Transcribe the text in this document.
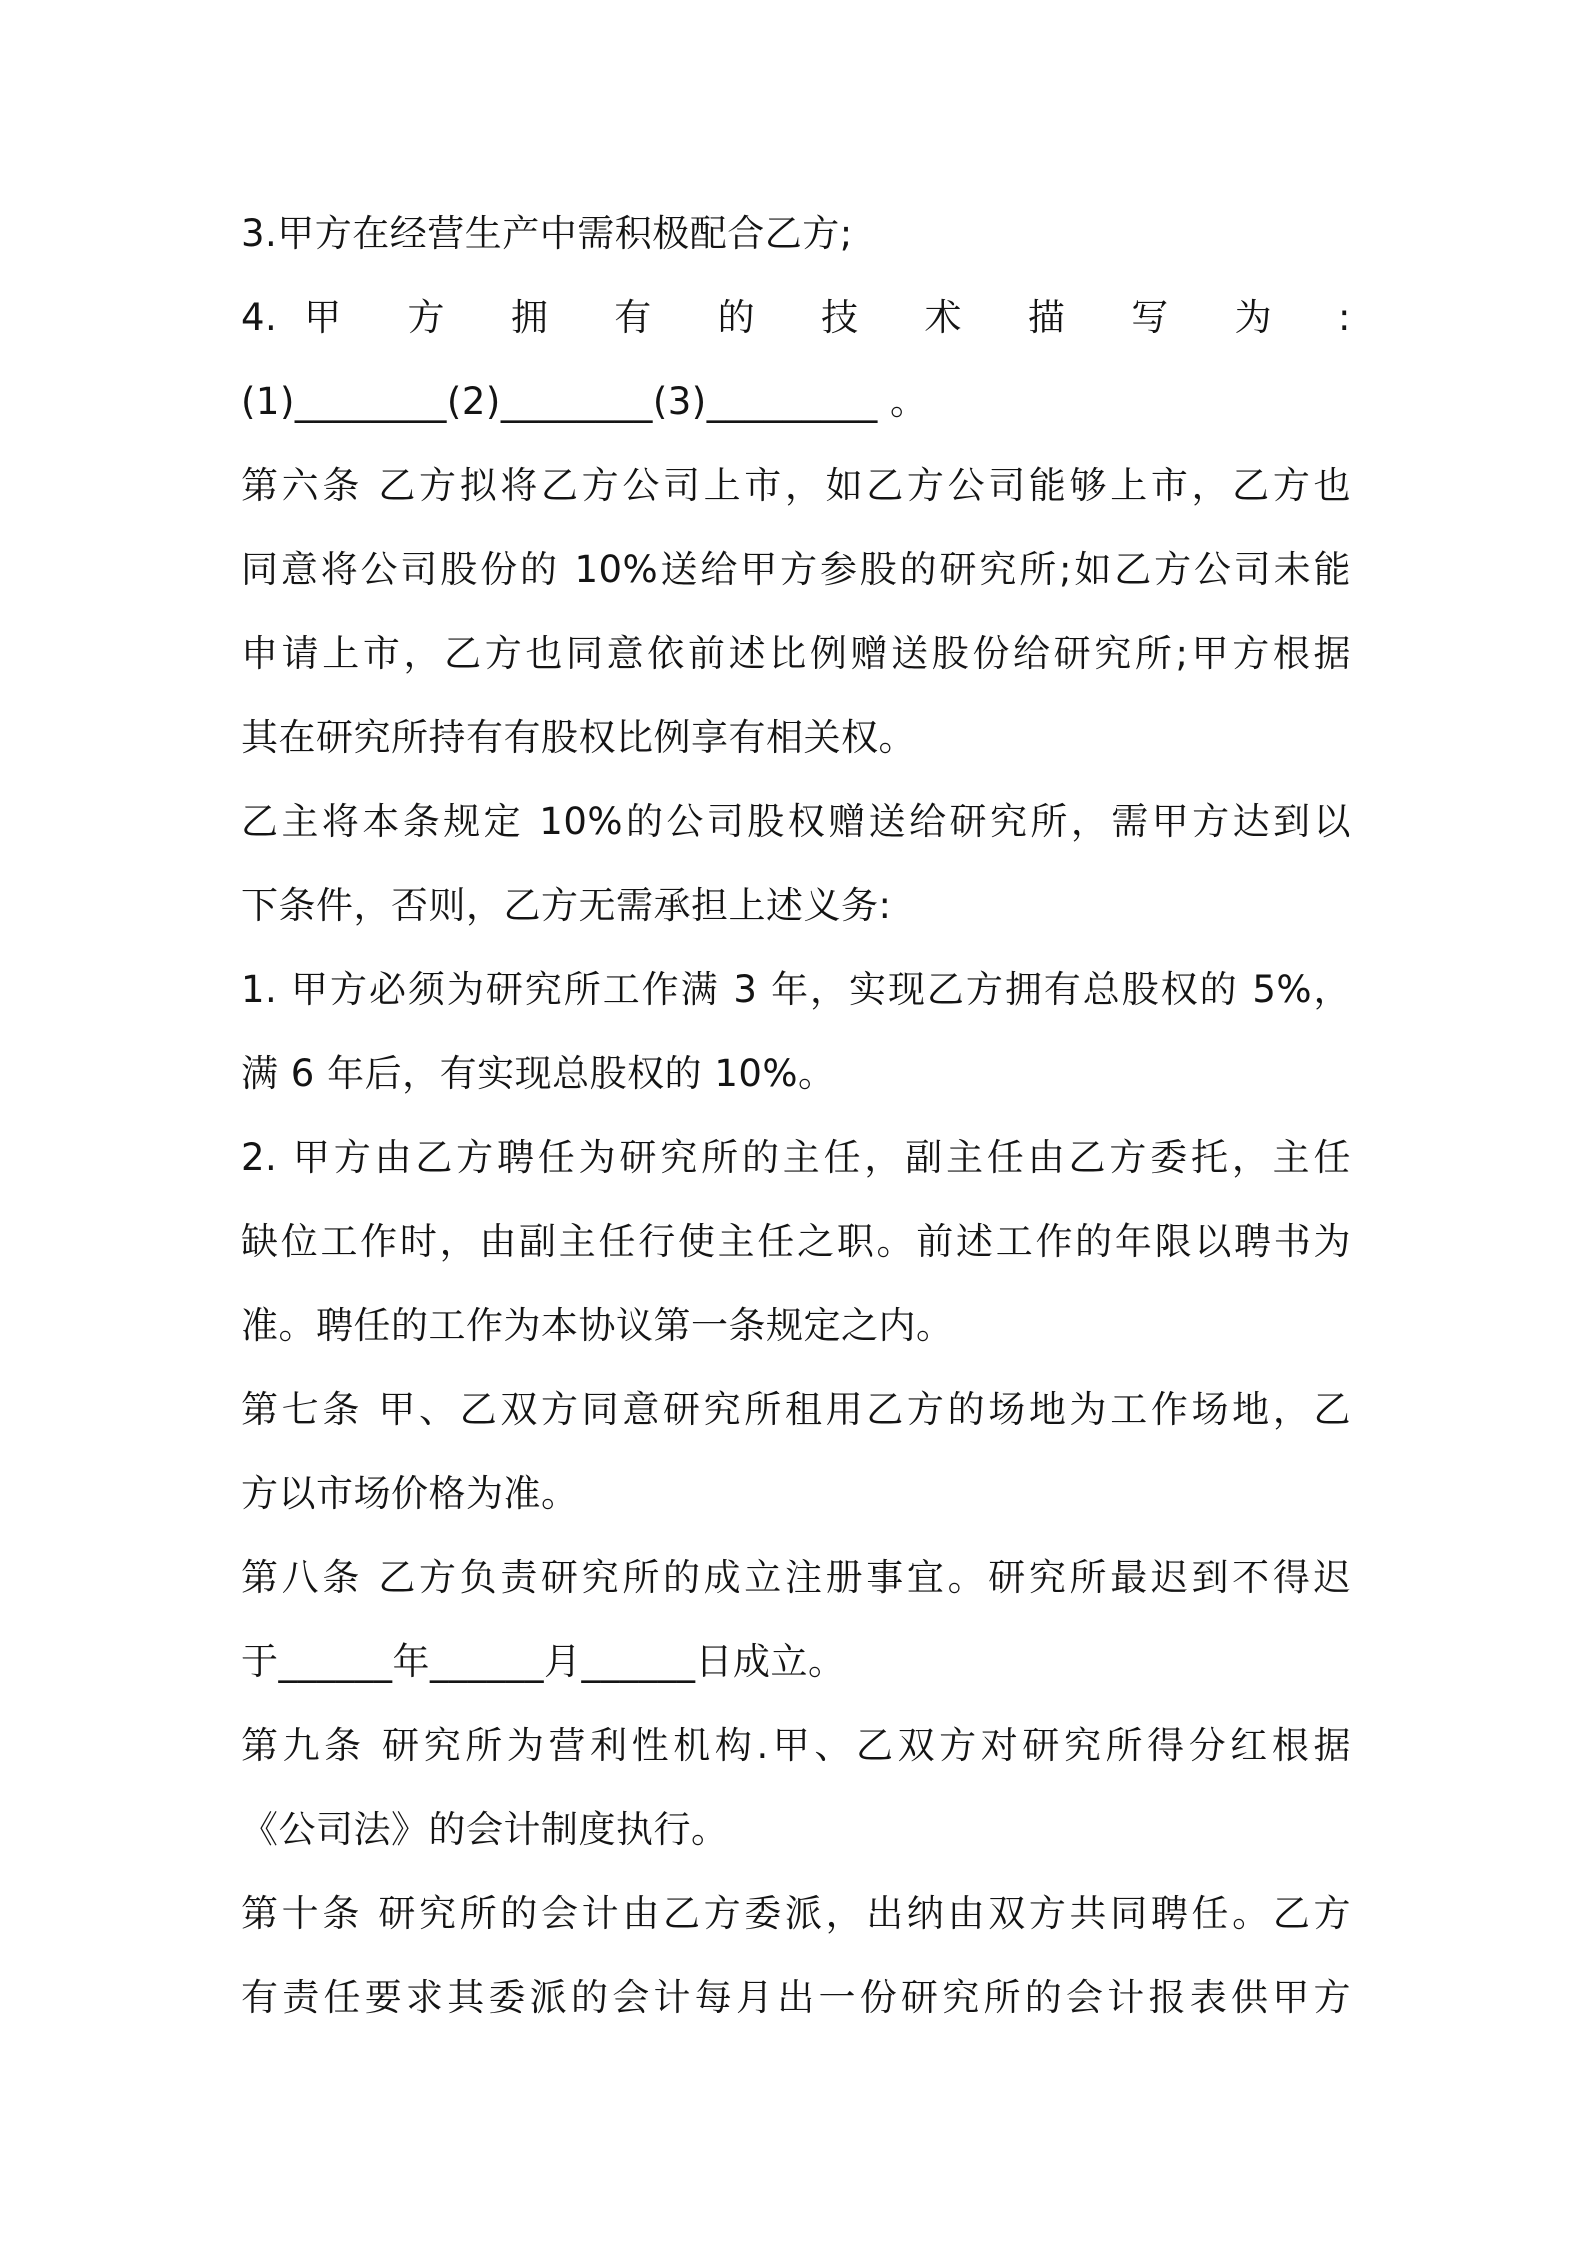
3.甲方在经营生产中需积极配合乙方;
4.甲 方 拥 有 的 技 术 描 写 为 :
(1)________(2)________(3)_________ 。
第六条 乙方拟将乙方公司上市，如乙方公司能够上市，乙方也
同意将公司股份的 10%送给甲方参股的研究所;如乙方公司未能
申请上市，乙方也同意依前述比例赠送股份给研究所;甲方根据
其在研究所持有有股权比例享有相关权。
乙主将本条规定 10%的公司股权赠送给研究所，需甲方达到以
下条件，否则，乙方无需承担上述义务:
1. 甲方必须为研究所工作满 3 年，实现乙方拥有总股权的 5%，
满 6 年后，有实现总股权的 10%。
2. 甲方由乙方聘任为研究所的主任，副主任由乙方委托，主任
缺位工作时，由副主任行使主任之职。前述工作的年限以聘书为
准。聘任的工作为本协议第一条规定之内。
第七条 甲、乙双方同意研究所租用乙方的场地为工作场地，乙
方以市场价格为准。
第八条 乙方负责研究所的成立注册事宜。研究所最迟到不得迟
于______年______月______日成立。
第九条 研究所为营利性机构.甲、乙双方对研究所得分红根据
《公司法》的会计制度执行。
第十条 研究所的会计由乙方委派，出纳由双方共同聘任。乙方
有责任要求其委派的会计每月出一份研究所的会计报表供甲方
